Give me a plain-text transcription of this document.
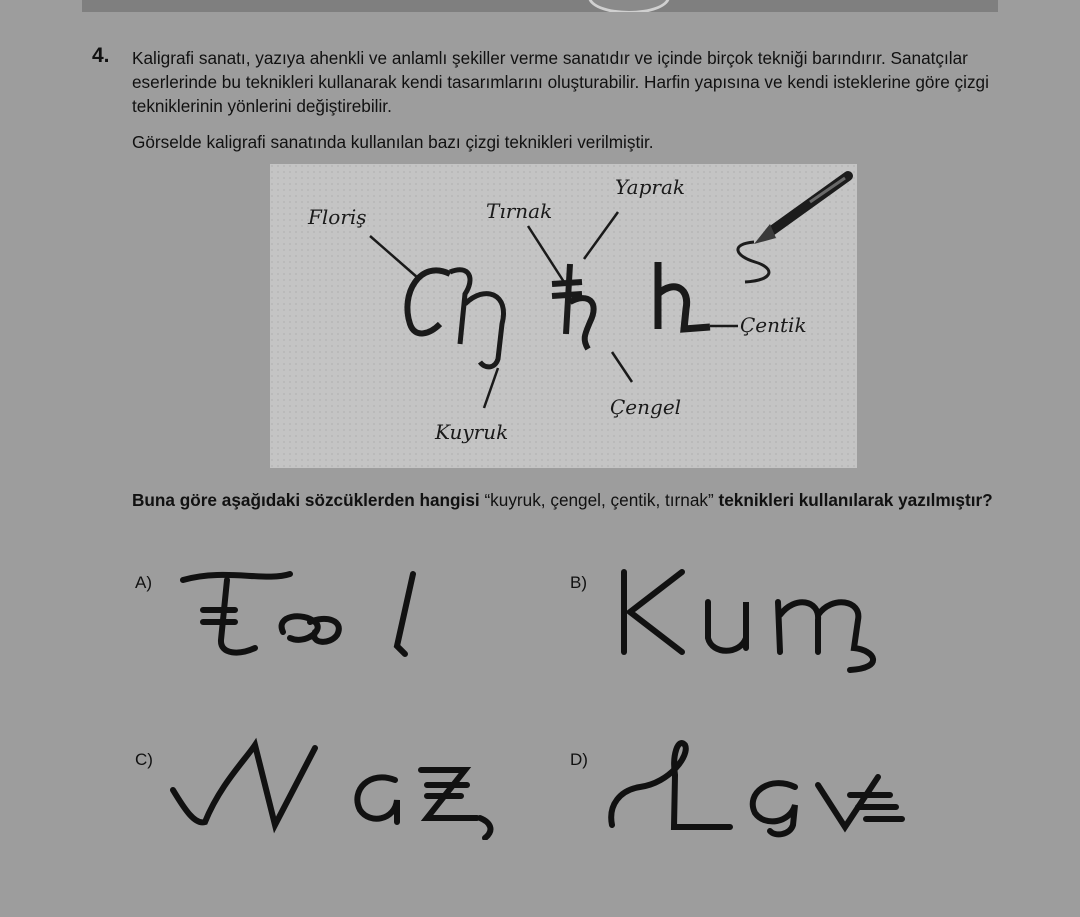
4. Kaligrafi sanatı, yazıya ahenkli ve anlamlı şekiller verme sanatıdır ve içinde birçok tekniği barındırır. Sanatçılar eserlerinde bu teknikleri kullanarak kendi tasarımlarını oluşturabilir. Harfin yapısına ve kendi isteklerine göre çizgi tekniklerinin yönlerini değiştirebilir.

Görselde kaligrafi sanatında kullanılan bazı çizgi teknikleri verilmiştir.

Floriş	Tırnak
Yaprak
Çentik
Çengel
Kuyruk

Buna göre aşağıdaki sözcüklerden hangisi “kuyruk, çengel, çentik, tırnak” teknikleri kullanılarak yazılmıştır?

A)	B)
C)	D)
